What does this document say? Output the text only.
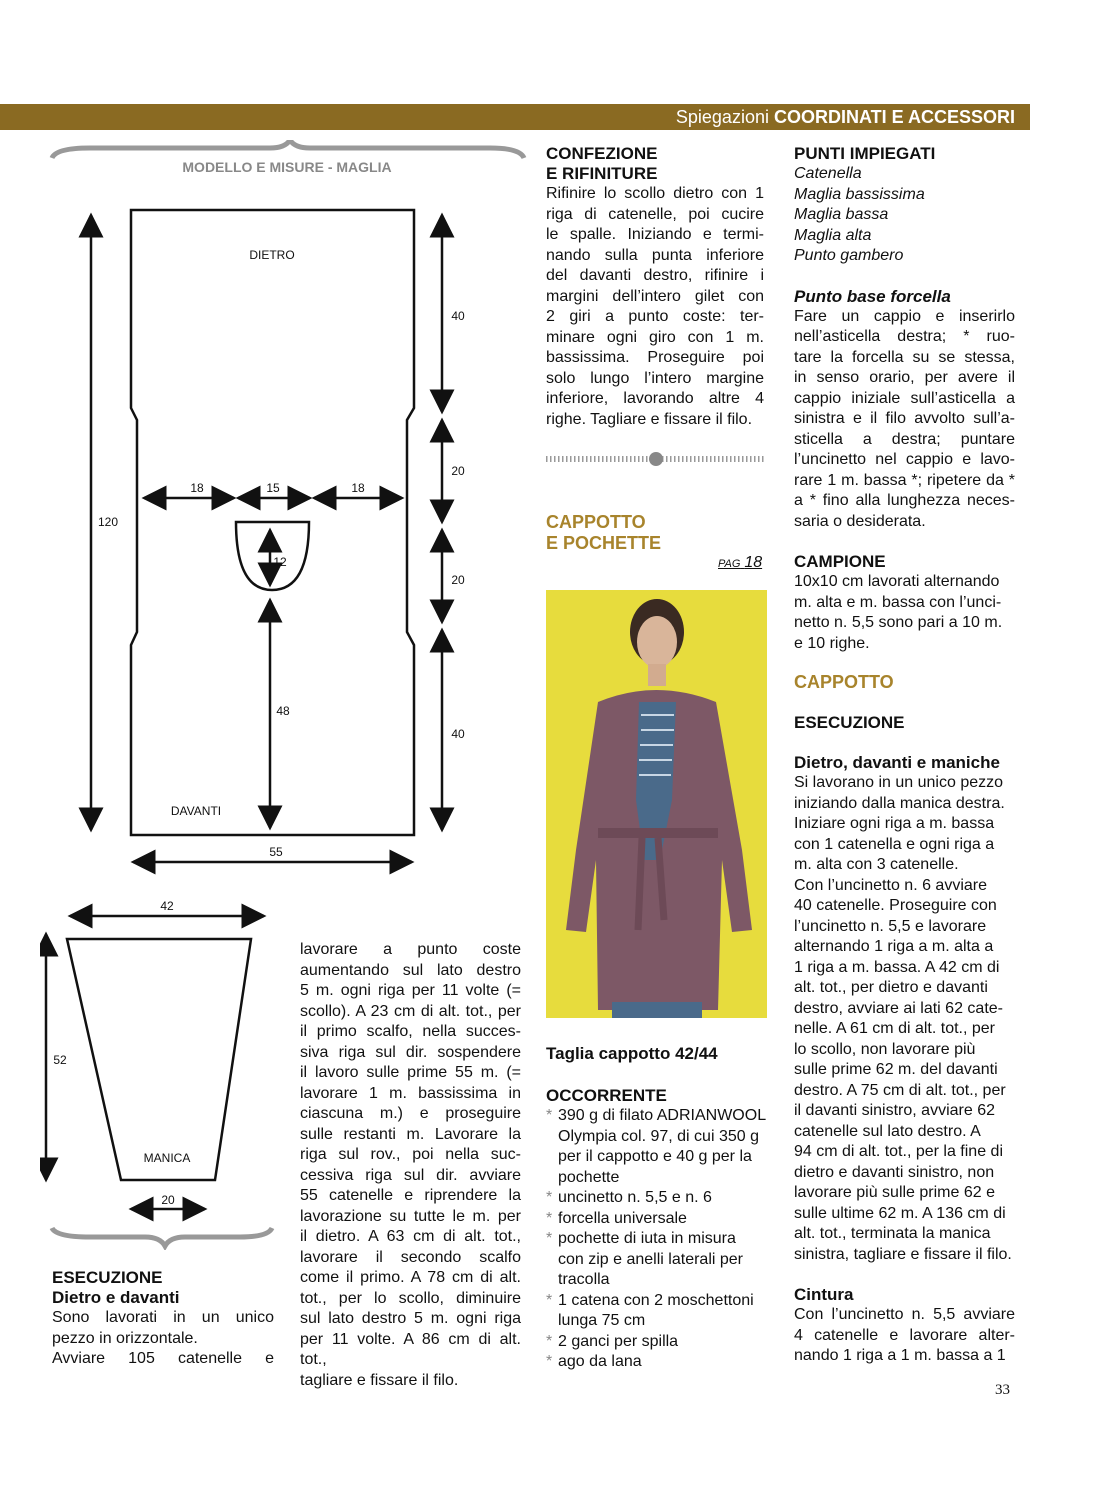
Spiegazioni COORDINATI E ACCESSORI
MODELLO E MISURE - MAGLIA
DIETRO
DAVANTI
120
40
20
20
40
18	15	18
12
48
55
42
52
MANICA
20
ESECUZIONE
Dietro e davanti

Sono lavorati in un unico

pezzo in orizzontale.

Avviare 105 catenelle e

lavorare a punto coste

aumentando sul lato destro

5 m. ogni riga per 11 volte (=

scollo). A 23 cm di alt. tot., per

il primo scalfo, nella succes-

siva riga sul dir. sospendere

il lavoro sulle prime 55 m. (=

lavorare 1 m. bassissima in

ciascuna m.) e proseguire

sulle restanti m. Lavorare la

riga sul rov., poi nella suc-

cessiva riga sul dir. avviare

55 catenelle e riprendere la

lavorazione su tutte le m. per

il dietro. A 63 cm di alt. tot.,

lavorare il secondo scalfo

come il primo. A 78 cm di alt.

tot., per lo scollo, diminuire

sul lato destro 5 m. ogni riga

per 11 volte. A 86 cm di alt. tot.,

tagliare e fissare il filo.

CONFEZIONE
E RIFINITURE

Rifinire lo scollo dietro con 1

riga di catenelle, poi cucire

le spalle. Iniziando e termi-

nando sulla punta inferiore

del davanti destro, rifinire i

margini dell’intero gilet con

2 giri a punto coste: ter-

minare ogni giro con 1 m.

bassissima. Proseguire poi

solo lungo l’intero margine

inferiore, lavorando altre 4

righe. Tagliare e fissare il filo.

CAPPOTTO
E POCHETTE
PAG 18
Taglia cappotto 42/44
OCCORRENTE
* 390 g di filato ADRIANWOOL
Olympia col. 97, di cui 350 g
per il cappotto e 40 g per la
pochette
* uncinetto n. 5,5 e n. 6
* forcella universale
* pochette di iuta in misura
con zip e anelli laterali per
tracolla
* 1 catena con 2 moschettoni
lunga 75 cm
* 2 ganci per spilla
* ago da lana
PUNTI IMPIEGATI

Catenella

Maglia bassissima

Maglia bassa

Maglia alta

Punto gambero

Punto base forcella

Fare un cappio e inserirlo

nell’asticella destra; * ruo-

tare la forcella su se stessa,

in senso orario, per avere il

cappio iniziale sull’asticella a

sinistra e il filo avvolto sull’a-

sticella a destra; puntare

l’uncinetto nel cappio e lavo-

rare 1 m. bassa *; ripetere da *

a * fino alla lunghezza neces-

saria o desiderata.

CAMPIONE

10x10 cm lavorati alternando

m. alta e m. bassa con l’unci-

netto n. 5,5 sono pari a 10 m.

e 10 righe.

CAPPOTTO
ESECUZIONE
Dietro, davanti e maniche

Si lavorano in un unico pezzo

iniziando dalla manica destra.

Iniziare ogni riga a m. bassa

con 1 catenella e ogni riga a

m. alta con 3 catenelle.

Con l’uncinetto n. 6 avviare

40 catenelle. Proseguire con

l’uncinetto n. 5,5 e lavorare

alternando 1 riga a m. alta a

1 riga a m. bassa. A 42 cm di

alt. tot., per dietro e davanti

destro, avviare ai lati 62 cate-

nelle. A 61 cm di alt. tot., per

lo scollo, non lavorare più

sulle prime 62 m. del davanti

destro. A 75 cm di alt. tot., per

il davanti sinistro, avviare 62

catenelle sul lato destro. A

94 cm di alt. tot., per la fine di

dietro e davanti sinistro, non

lavorare più sulle prime 62 e

sulle ultime 62 m. A 136 cm di

alt. tot., terminata la manica

sinistra, tagliare e fissare il filo.

Cintura

Con l’uncinetto n. 5,5 avviare

4 catenelle e lavorare alter-

nando 1 riga a 1 m. bassa a 1

33
